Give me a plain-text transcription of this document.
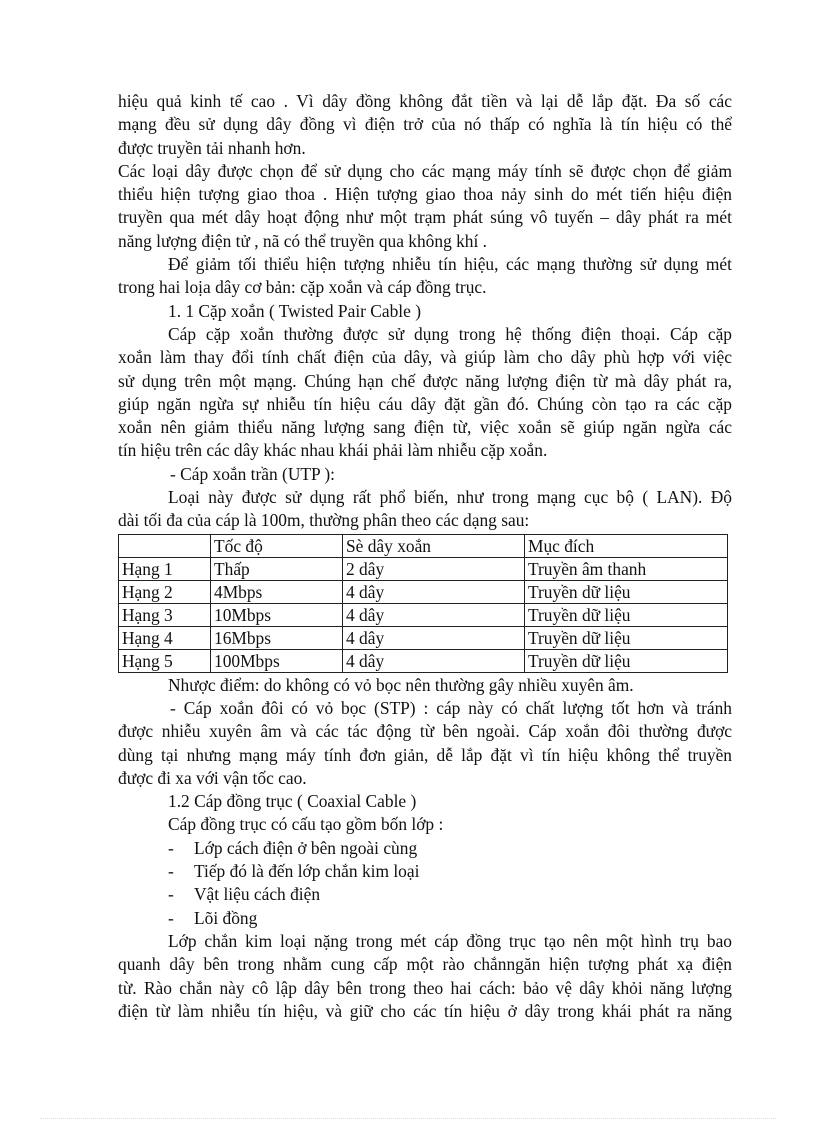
hiệu quả kinh tế cao . Vì dây đồng không đắt tiền và lại dễ lắp đặt. Đa số các
mạng đều sử dụng dây đồng vì điện trở của nó thấp có nghĩa là tín hiệu có thể
được truyền tải nhanh hơn.
Các loại dây được chọn để sử dụng cho các mạng máy tính sẽ được chọn để giảm
thiểu hiện tượng giao thoa . Hiện tượng giao thoa nảy sinh do mét tiến hiệu điện
truyền qua mét dây hoạt động như một trạm phát súng vô tuyến – dây phát ra mét
năng lượng điện tử , nã có thể truyền qua không khí .
Để giảm tối thiểu hiện tượng nhiễu tín hiệu, các mạng thường sử dụng mét
trong hai loịa dây cơ bản: cặp xoắn và cáp đồng trục.
1. 1 Cặp xoắn ( Twisted Pair Cable )
Cáp cặp xoắn thường được sử dụng trong hệ thống điện thoại. Cáp cặp
xoắn làm thay đổi tính chất điện của dây, và giúp làm cho dây phù hợp với việc
sử dụng trên một mạng. Chúng hạn chế được năng lượng điện từ mà dây phát ra,
giúp ngăn ngừa sự nhiễu tín hiệu cáu dây đặt gần đó. Chúng còn tạo ra các cặp
xoắn nên giảm thiểu năng lượng sang điện từ, việc xoắn sẽ giúp ngăn ngừa các
tín hiệu trên các dây khác nhau khái phải làm nhiễu cặp xoắn.
- Cáp xoắn trần (UTP ):
Loại này được sử dụng rất phổ biến, như trong mạng cục bộ ( LAN). Độ
dài tối đa của cáp là 100m, thường phân theo các dạng sau:
	Tốc độ	Sè dây xoắn	Mục đích
Hạng 1	Thấp	2 dây	Truyền âm thanh
Hạng 2	4Mbps	4 dây	Truyền dữ liệu
Hạng 3	10Mbps	4 dây	Truyền dữ liệu
Hạng 4	16Mbps	4 dây	Truyền dữ liệu
Hạng 5	100Mbps	4 dây	Truyền dữ liệu
Nhược điểm: do không có vỏ bọc nên thường gây nhiều xuyên âm.
- Cáp xoắn đôi có vỏ bọc (STP) : cáp này có chất lượng tốt hơn và tránh
được nhiễu xuyên âm và các tác động từ bên ngoài. Cáp xoắn đôi thường được
dùng tại nhưng mạng máy tính đơn giản, dễ lắp đặt vì tín hiệu không thể truyền
được đi xa với vận tốc cao.
1.2 Cáp đồng trục ( Coaxial Cable )
Cáp đồng trục có cấu tạo gồm bốn lớp :
-	Lớp cách điện ở bên ngoài cùng
-	Tiếp đó là đến lớp chắn kim loại
-	Vật liệu cách điện
-	Lõi đồng
Lớp chắn kim loại nặng trong mét cáp đồng trục tạo nên một hình trụ bao
quanh dây bên trong nhằm cung cấp một rào chắnngăn hiện tượng phát xạ điện
từ. Rào chắn này cô lập dây bên trong theo hai cách: bảo vệ dây khỏi năng lượng
điện từ làm nhiễu tín hiệu, và giữ cho các tín hiệu ở dây trong khái phát ra năng
